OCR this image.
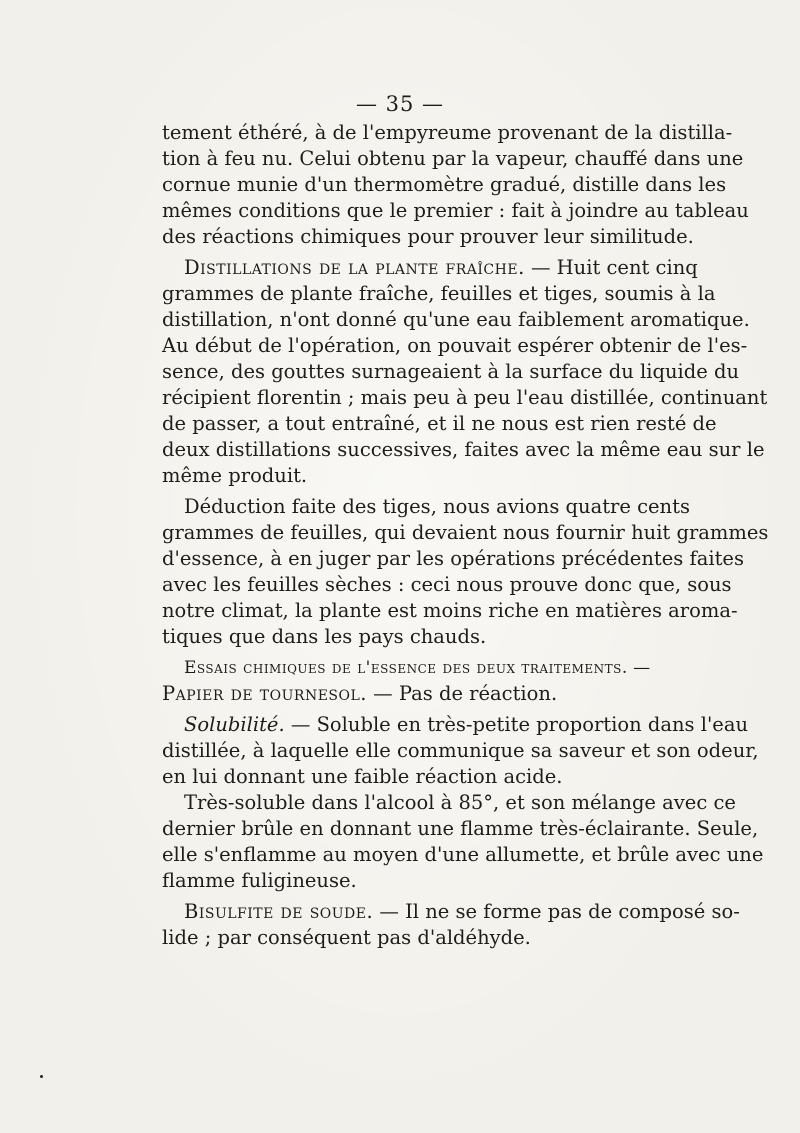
— 35 —
tement éthéré, à de l'empyreume provenant de la distilla-
tion à feu nu. Celui obtenu par la vapeur, chauffé dans une
cornue munie d'un thermomètre gradué, distille dans les
mêmes conditions que le premier : fait à joindre au tableau
des réactions chimiques pour prouver leur similitude.
Distillations de la plante fraîche. — Huit cent cinq
grammes de plante fraîche, feuilles et tiges, soumis à la
distillation, n'ont donné qu'une eau faiblement aromatique.
Au début de l'opération, on pouvait espérer obtenir de l'es-
sence, des gouttes surnageaient à la surface du liquide du
récipient florentin ; mais peu à peu l'eau distillée, continuant
de passer, a tout entraîné, et il ne nous est rien resté de
deux distillations successives, faites avec la même eau sur le
même produit.
Déduction faite des tiges, nous avions quatre cents
grammes de feuilles, qui devaient nous fournir huit grammes
d'essence, à en juger par les opérations précédentes faites
avec les feuilles sèches : ceci nous prouve donc que, sous
notre climat, la plante est moins riche en matières aroma-
tiques que dans les pays chauds.
Essais chimiques de l'essence des deux traitements. —
Papier de tournesol. — Pas de réaction.
Solubilité. — Soluble en très-petite proportion dans l'eau
distillée, à laquelle elle communique sa saveur et son odeur,
en lui donnant une faible réaction acide.
Très-soluble dans l'alcool à 85°, et son mélange avec ce
dernier brûle en donnant une flamme très-éclairante. Seule,
elle s'enflamme au moyen d'une allumette, et brûle avec une
flamme fuligineuse.
Bisulfite de soude. — Il ne se forme pas de composé so-
lide ; par conséquent pas d'aldéhyde.
